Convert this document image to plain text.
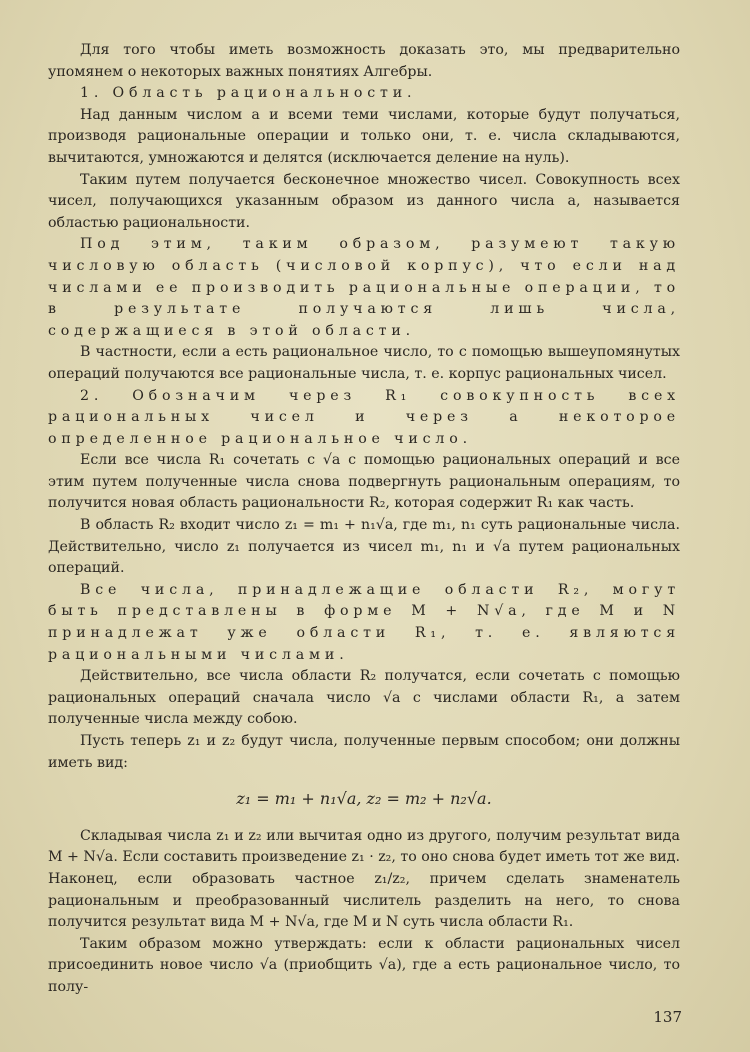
Для того чтобы иметь возможность доказать это, мы предварительно упомянем о некоторых важных понятиях Алгебры.

1. Область рациональности.

Над данным числом a и всеми теми числами, которые будут получаться, производя рациональные операции и только они, т. е. числа складываются, вычитаются, умножаются и делятся (исключается деление на нуль).

Таким путем получается бесконечное множество чисел. Совокупность всех чисел, получающихся указанным образом из данного числа a, называется областью рациональности.

Под этим, таким образом, разумеют такую числовую область (числовой корпус), что если над числами ее производить рациональные операции, то в результате получаются лишь числа, содержащиеся в этой области.

В частности, если a есть рациональное число, то с помощью вышеупомянутых операций получаются все рациональные числа, т. е. корпус рациональных чисел.

2. Обозначим через R₁ совокупность всех рациональных чисел и через a некоторое определенное рациональное число.

Если все числа R₁ сочетать с √a с помощью рациональных операций и все этим путем полученные числа снова подвергнуть рациональным операциям, то получится новая область рациональности R₂, которая содержит R₁ как часть.

В область R₂ входит число z₁ = m₁ + n₁√a, где m₁, n₁ суть рациональные числа. Действительно, число z₁ получается из чисел m₁, n₁ и √a путем рациональных операций.

Все числа, принадлежащие области R₂, могут быть представлены в форме M + N√a, где M и N принадлежат уже области R₁, т. е. являются рациональными числами.

Действительно, все числа области R₂ получатся, если сочетать с помощью рациональных операций сначала число √a с числами области R₁, а затем полученные числа между собою.

Пусть теперь z₁ и z₂ будут числа, полученные первым способом; они должны иметь вид:

z₁ = m₁ + n₁√a, z₂ = m₂ + n₂√a.

Складывая числа z₁ и z₂ или вычитая одно из другого, получим результат вида M + N√a. Если составить произведение z₁ · z₂, то оно снова будет иметь тот же вид. Наконец, если образовать частное z₁/z₂, причем сделать знаменатель рациональным и преобразованный числитель разделить на него, то снова получится результат вида M + N√a, где M и N суть числа области R₁.

Таким образом можно утверждать: если к области рациональных чисел присоединить новое число √a (приобщить √a), где a есть рациональное число, то полу-

137
